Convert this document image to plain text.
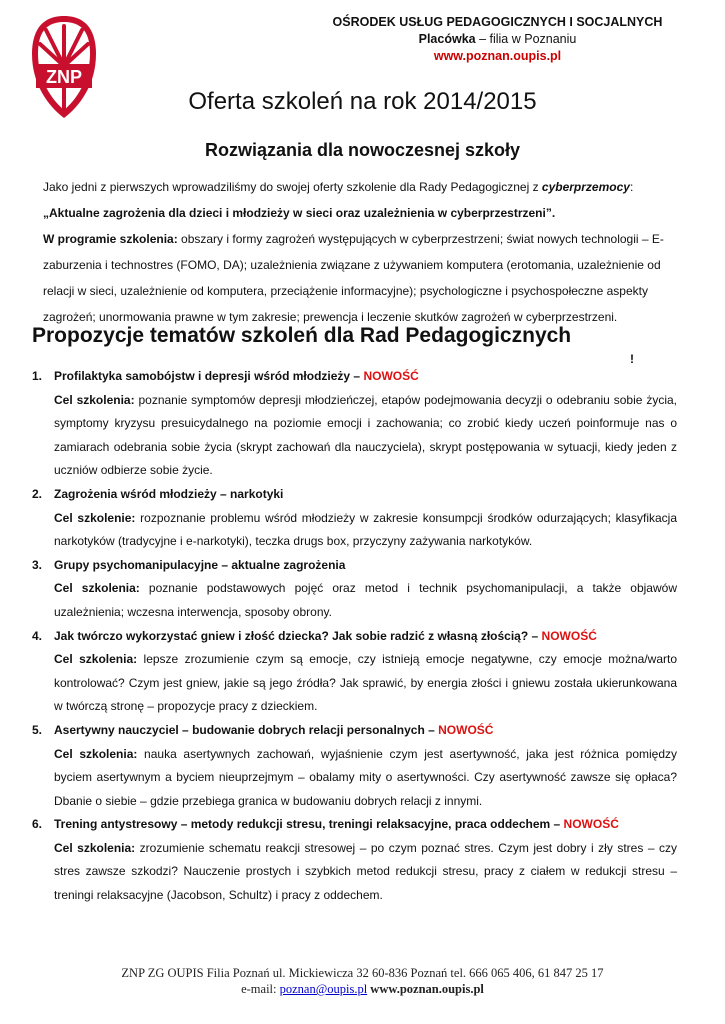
ZNP
OŚRODEK USŁUG PEDAGOGICZNYCH I SOCJALNYCH
Placówka – filia w Poznaniu
www.poznan.oupis.pl
Oferta szkoleń na rok 2014/2015
Rozwiązania dla nowoczesnej szkoły

Jako jedni z pierwszych wprowadziliśmy do swojej oferty szkolenie dla Rady Pedagogicznej z cyberprzemocy:

„Aktualne zagrożenia dla dzieci i młodzieży w sieci oraz uzależnienia w cyberprzestrzeni”.

W programie szkolenia: obszary i formy zagrożeń występujących w cyberprzestrzeni; świat nowych technologii – E-zaburzenia i technostres (FOMO, DA); uzależnienia związane z używaniem komputera (erotomania, uzależnienie od relacji w sieci, uzależnienie od komputera, przeciążenie informacyjne); psychologiczne i psychospołeczne aspekty zagrożeń; unormowania prawne w tym zakresie; prewencja i leczenie skutków zagrożeń w cyberprzestrzeni.

Propozycje tematów szkoleń dla Rad Pedagogicznych
!
1. Profilaktyka samobójstw i depresji wśród młodzieży – NOWOŚĆ
Cel szkolenia: poznanie symptomów depresji młodzieńczej, etapów podejmowania decyzji o odebraniu sobie życia, symptomy kryzysu presuicydalnego na poziomie emocji i zachowania; co zrobić kiedy uczeń poinformuje nas o zamiarach odebrania sobie życia (skrypt zachowań dla nauczyciela), skrypt postępowania w sytuacji, kiedy jeden z uczniów odbierze sobie życie.
2. Zagrożenia wśród młodzieży – narkotyki
Cel szkolenie: rozpoznanie problemu wśród młodzieży w zakresie konsumpcji środków odurzających; klasyfikacja narkotyków (tradycyjne i e-narkotyki), teczka drugs box, przyczyny zażywania narkotyków.
3. Grupy psychomanipulacyjne – aktualne zagrożenia
Cel szkolenia: poznanie podstawowych pojęć oraz metod i technik psychomanipulacji, a także objawów uzależnienia; wczesna interwencja, sposoby obrony.
4. Jak twórczo wykorzystać gniew i złość dziecka? Jak sobie radzić z własną złością? – NOWOŚĆ
Cel szkolenia: lepsze zrozumienie czym są emocje, czy istnieją emocje negatywne, czy emocje można/warto kontrolować? Czym jest gniew, jakie są jego źródła? Jak sprawić, by energia złości i gniewu została ukierunkowana w twórczą stronę – propozycje pracy z dzieckiem.
5. Asertywny nauczyciel – budowanie dobrych relacji personalnych – NOWOŚĆ
Cel szkolenia: nauka asertywnych zachowań, wyjaśnienie czym jest asertywność, jaka jest różnica pomiędzy byciem asertywnym a byciem nieuprzejmym – obalamy mity o asertywności. Czy asertywność zawsze się opłaca? Dbanie o siebie – gdzie przebiega granica w budowaniu dobrych relacji z innymi.
6. Trening antystresowy – metody redukcji stresu, treningi relaksacyjne, praca oddechem – NOWOŚĆ
Cel szkolenia: zrozumienie schematu reakcji stresowej – po czym poznać stres. Czym jest dobry i zły stres – czy stres zawsze szkodzi? Nauczenie prostych i szybkich metod redukcji stresu, pracy z ciałem w redukcji stresu – treningi relaksacyjne (Jacobson, Schultz) i pracy z oddechem.
ZNP ZG OUPIS Filia Poznań ul. Mickiewicza 32 60-836 Poznań tel. 666 065 406, 61 847 25 17
e-mail: poznan@oupis.pl www.poznan.oupis.pl
